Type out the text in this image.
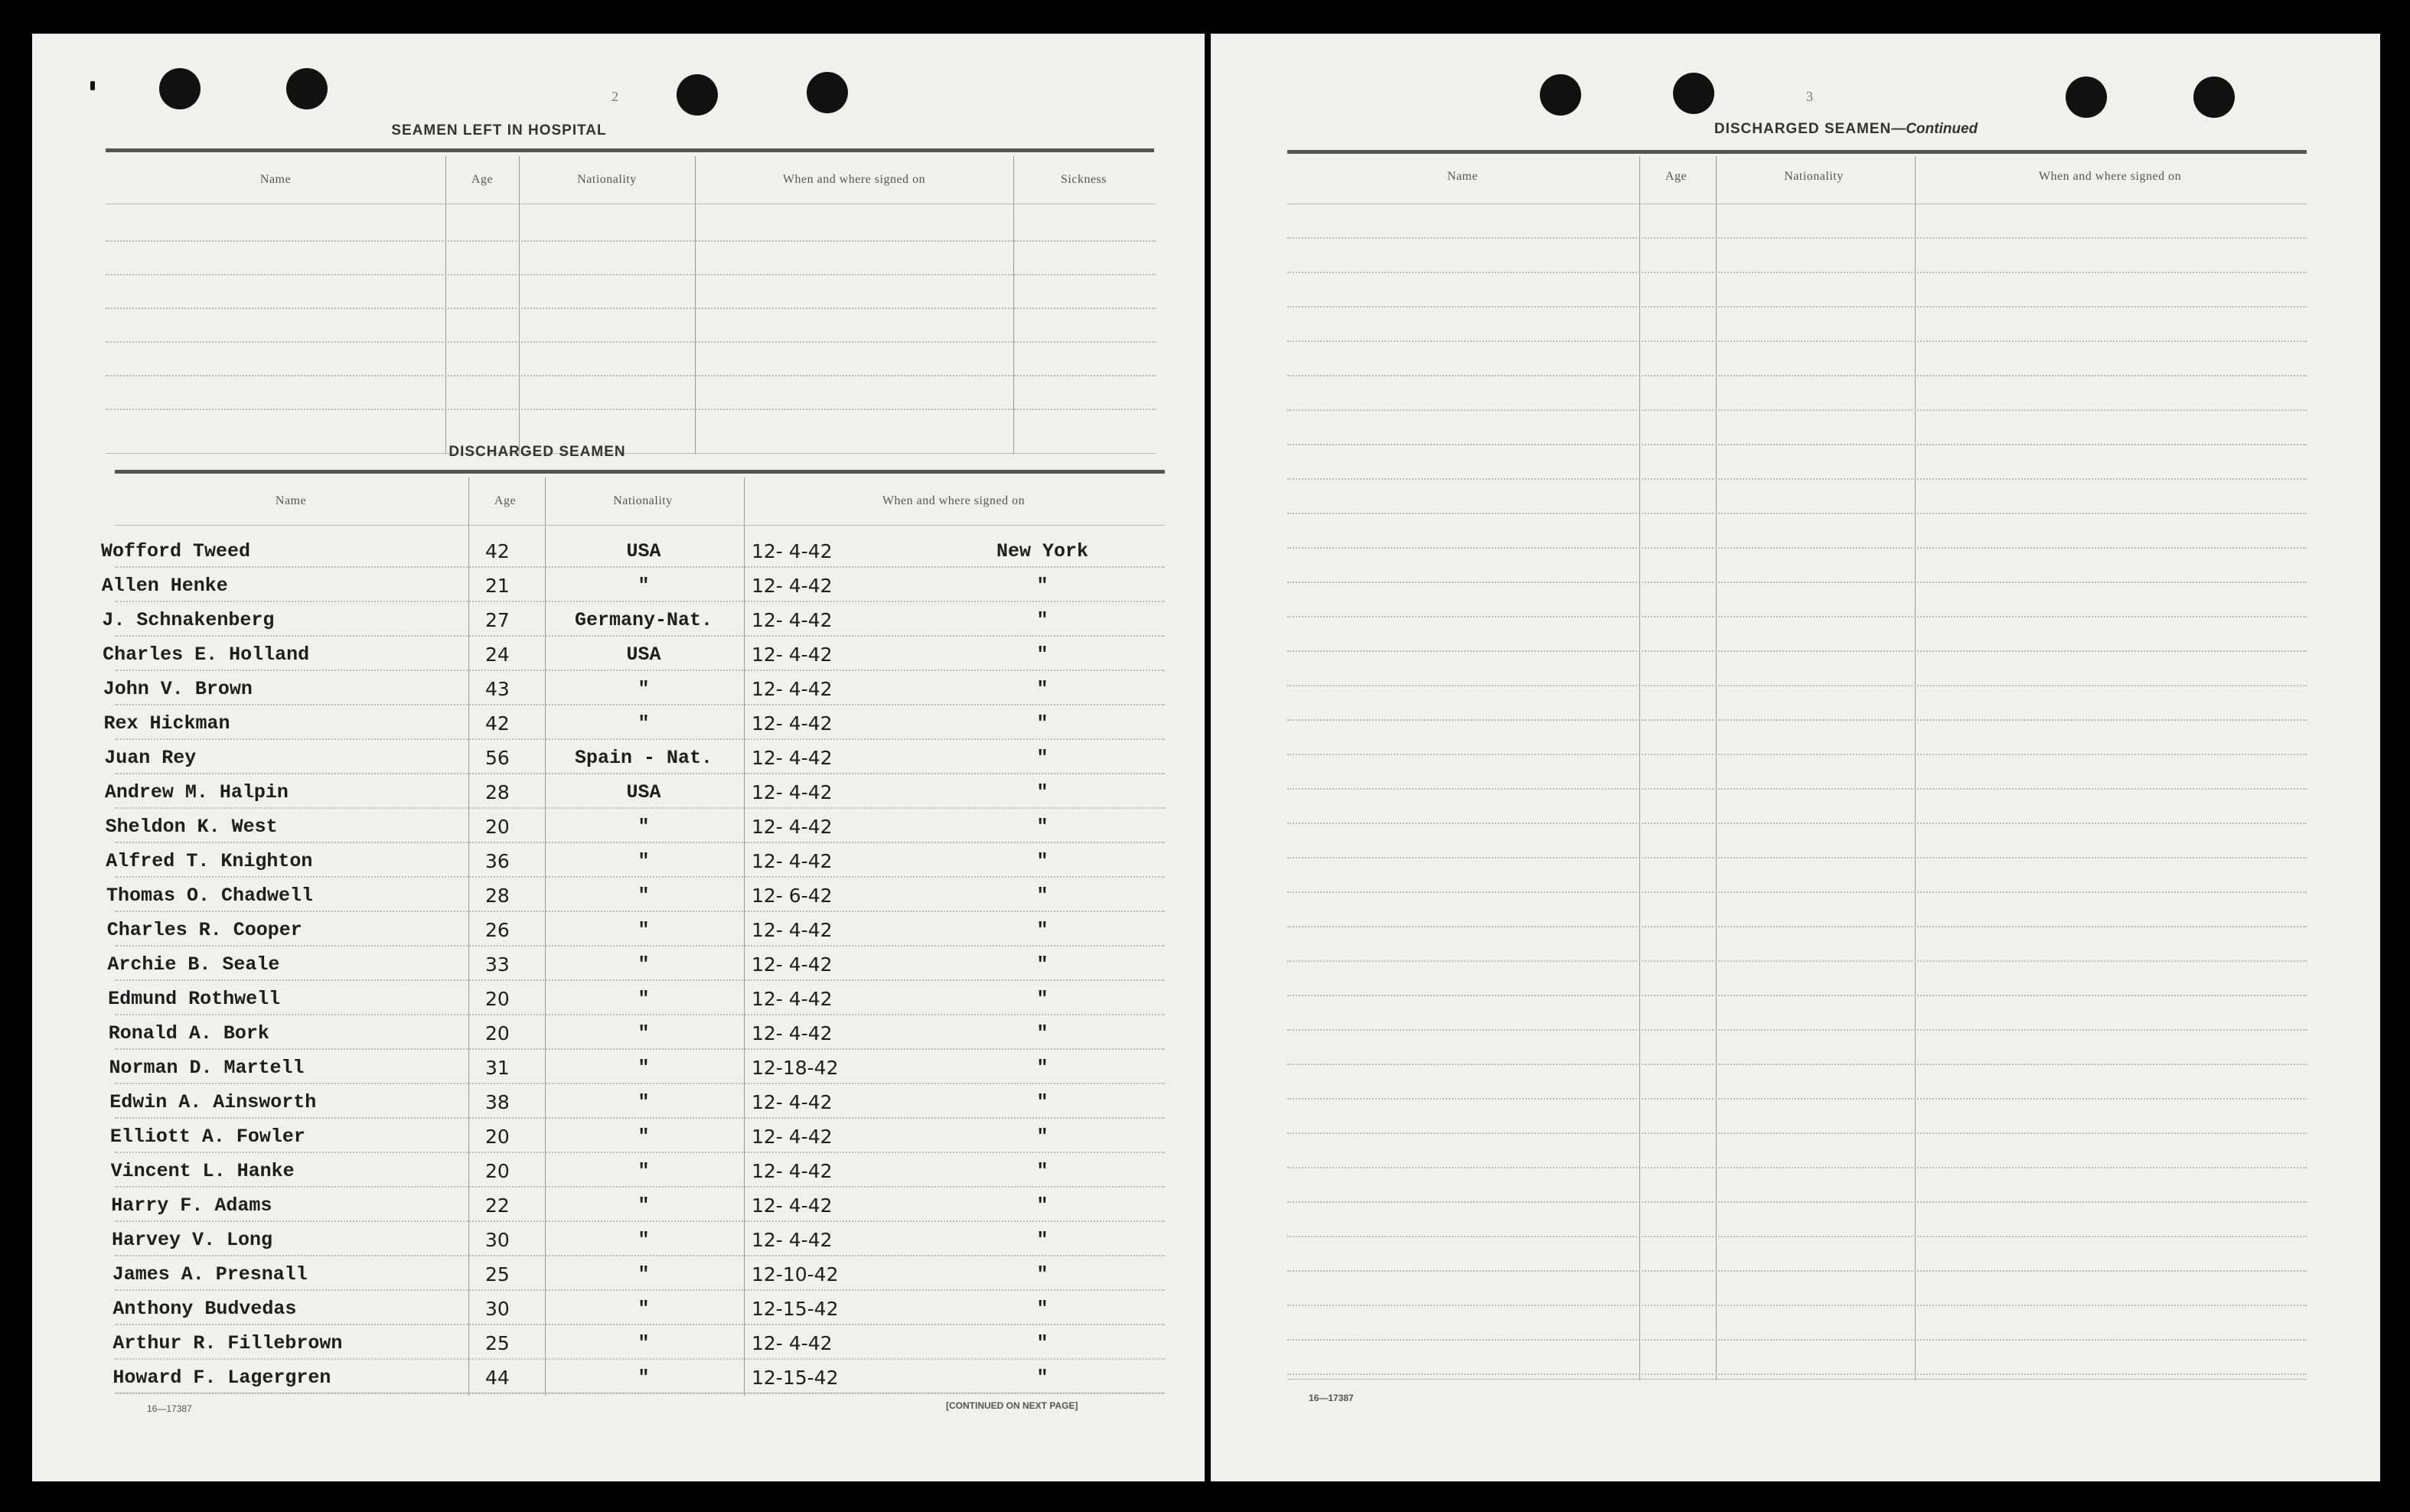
2
SEAMEN LEFT IN HOSPITAL
Name	Age	Nationality	When and where signed on	Sickness
DISCHARGED SEAMEN
Name	Age	Nationality	When and where signed on
Wofford Tweed	42	USA	12- 4-42	New York
Allen Henke	21	"	12- 4-42	"
J. Schnakenberg	27	Germany-Nat.	12- 4-42	"
Charles E. Holland	24	USA	12- 4-42	"
John V. Brown	43	"	12- 4-42	"
Rex Hickman	42	"	12- 4-42	"
Juan Rey	56	Spain - Nat.	12- 4-42	"
Andrew M. Halpin	28	USA	12- 4-42	"
Sheldon K. West	20	"	12- 4-42	"
Alfred T. Knighton	36	"	12- 4-42	"
Thomas O. Chadwell	28	"	12- 6-42	"
Charles R. Cooper	26	"	12- 4-42	"
Archie B. Seale	33	"	12- 4-42	"
Edmund Rothwell	20	"	12- 4-42	"
Ronald A. Bork	20	"	12- 4-42	"
Norman D. Martell	31	"	12-18-42	"
Edwin A. Ainsworth	38	"	12- 4-42	"
Elliott A. Fowler	20	"	12- 4-42	"
Vincent L. Hanke	20	"	12- 4-42	"
Harry F. Adams	22	"	12- 4-42	"
Harvey V. Long	30	"	12- 4-42	"
James A. Presnall	25	"	12-10-42	"
Anthony Budvedas	30	"	12-15-42	"
Arthur R. Fillebrown	25	"	12- 4-42	"
Howard F. Lagergren	44	"	12-15-42	"
16—17387	[CONTINUED ON NEXT PAGE]
3
DISCHARGED SEAMEN—Continued
Name	Age	Nationality	When and where signed on
16—17387
